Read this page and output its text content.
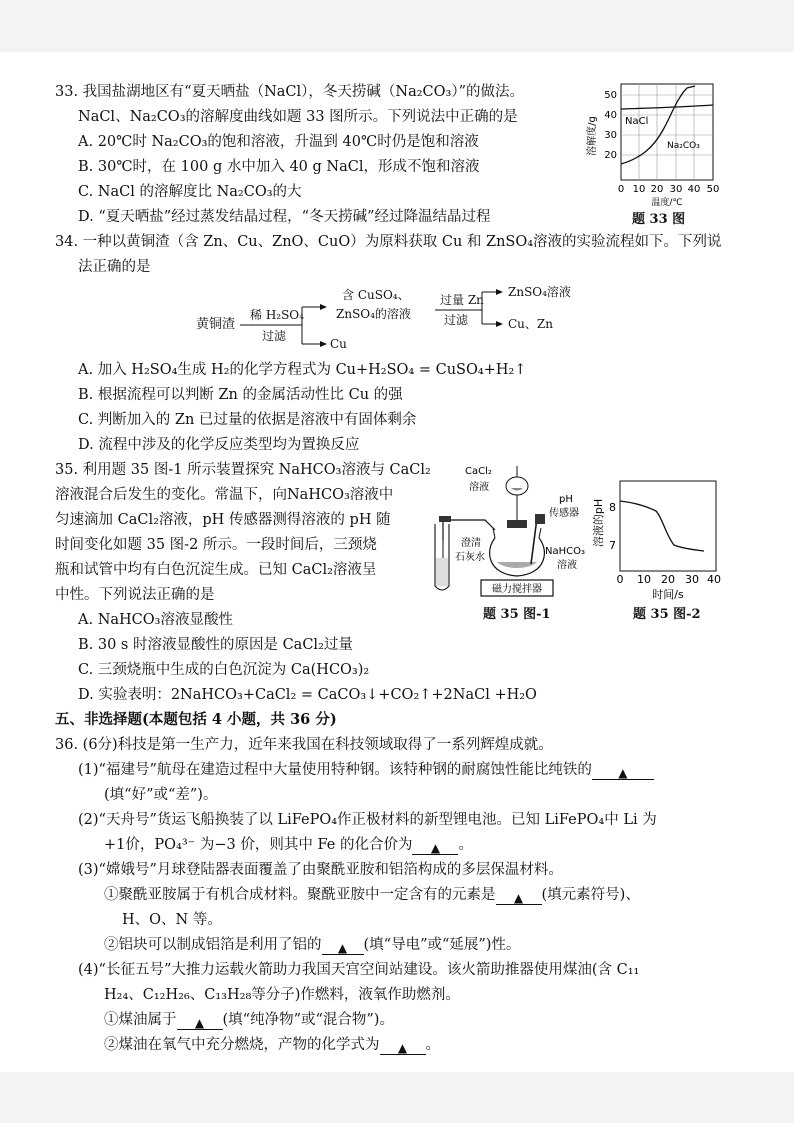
33. 我国盐湖地区有“夏天晒盐（NaCl），冬天捞碱（Na₂CO₃）”的做法。
NaCl、Na₂CO₃的溶解度曲线如题 33 图所示。下列说法中正确的是
A. 20℃时 Na₂CO₃的饱和溶液，升温到 40℃时仍是饱和溶液
B. 30℃时，在 100 g 水中加入 40 g NaCl，形成不饱和溶液
C. NaCl 的溶解度比 Na₂CO₃的大
D. “夏天晒盐”经过蒸发结晶过程，“冬天捞碱”经过降温结晶过程
溶解度/g
50
40
30
20
NaCl
Na₂CO₃
0 10 20 30 40 50
温度/℃
题 33 图
34. 一种以黄铜渣（含 Zn、Cu、ZnO、CuO）为原料获取 Cu 和 ZnSO₄溶液的实验流程如下。下列说
法正确的是
黄铜渣
稀 H₂SO₄
过滤
含 CuSO₄、
ZnSO₄的溶液
Cu
过量 Zn
过滤
ZnSO₄溶液
Cu、Zn
A. 加入 H₂SO₄生成 H₂的化学方程式为 Cu+H₂SO₄ = CuSO₄+H₂↑
B. 根据流程可以判断 Zn 的金属活动性比 Cu 的强
C. 判断加入的 Zn 已过量的依据是溶液中有固体剩余
D. 流程中涉及的化学反应类型均为置换反应
35. 利用题 35 图-1 所示装置探究 NaHCO₃溶液与 CaCl₂
溶液混合后发生的变化。常温下，向NaHCO₃溶液中
匀速滴加 CaCl₂溶液，pH 传感器测得溶液的 pH 随
时间变化如题 35 图-2 所示。一段时间后，三颈烧
瓶和试管中均有白色沉淀生成。已知 CaCl₂溶液呈
中性。下列说法正确的是
A. NaHCO₃溶液显酸性
B. 30 s 时溶液显酸性的原因是 CaCl₂过量
C. 三颈烧瓶中生成的白色沉淀为 Ca(HCO₃)₂
D. 实验表明：2NaHCO₃+CaCl₂ = CaCO₃↓+CO₂↑+2NaCl +H₂O
磁力搅拌器
CaCl₂
溶液
pH
传感器
澄清
石灰水
NaHCO₃
溶液
题 35 图-1
溶液的pH 8
7
0 10 20 30 40
时间/s
题 35 图-2
五、非选择题(本题包括 4 小题，共 36 分)
36. (6分)科技是第一生产力，近年来我国在科技领域取得了一系列辉煌成就。
(1)“福建号”航母在建造过程中大量使用特种钢。该特种钢的耐腐蚀性能比纯铁的 ▲
(填“好”或“差”)。
(2)“天舟号”货运飞船换装了以 LiFePO₄作正极材料的新型锂电池。已知 LiFePO₄中 Li 为
+1价，PO₄³⁻ 为−3 价，则其中 Fe 的化合价为 ▲ 。
(3)“嫦娥号”月球登陆器表面覆盖了由聚酰亚胺和铝箔构成的多层保温材料。
①聚酰亚胺属于有机合成材料。聚酰亚胺中一定含有的元素是 ▲ (填元素符号)、
H、O、N 等。
②铝块可以制成铝箔是利用了铝的 ▲ (填“导电”或“延展”)性。
(4)“长征五号”大推力运载火箭助力我国天宫空间站建设。该火箭助推器使用煤油(含 C₁₁
H₂₄、C₁₂H₂₆、C₁₃H₂₈等分子)作燃料，液氧作助燃剂。
①煤油属于 ▲ (填“纯净物”或“混合物”)。
②煤油在氧气中充分燃烧，产物的化学式为 ▲ 。
